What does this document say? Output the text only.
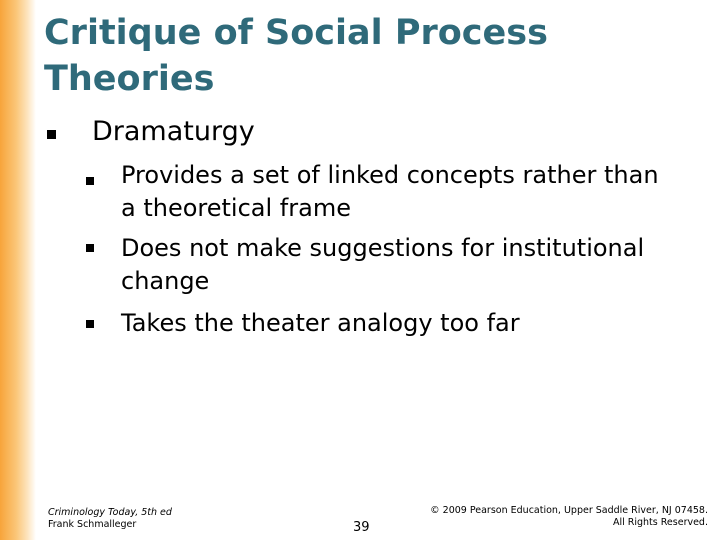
Critique of Social Process
Theories
Dramaturgy
Provides a set of linked concepts rather than
a theoretical frame
Does not make suggestions for institutional
change
Takes the theater analogy too far
Criminology Today, 5th ed
Frank Schmalleger	39
© 2009 Pearson Education, Upper Saddle River, NJ 07458.
All Rights Reserved.
